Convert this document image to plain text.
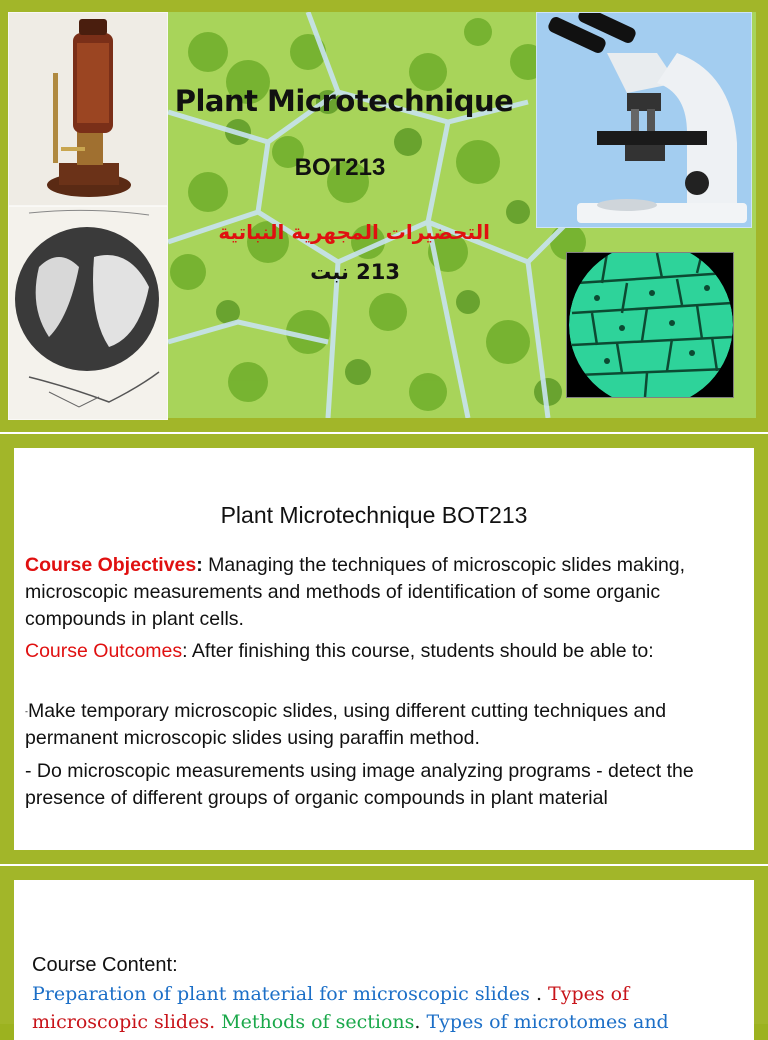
Plant Microtechnique
BOT213
التحضيرات المجهرية النباتية
213 نبت
Plant Microtechnique BOT213
Course Objectives: Managing the techniques of microscopic slides making, microscopic measurements and methods of identification of some organic compounds in plant cells.
Course Outcomes: After finishing this course, students should be able to:
-Make temporary microscopic slides, using different cutting techniques and permanent microscopic slides using paraffin method.
- Do microscopic measurements using image analyzing programs - detect the presence of different groups of organic compounds in plant material
Course Content:
Preparation of plant material for microscopic slides . Types of microscopic slides. Methods of sections. Types of microtomes and
